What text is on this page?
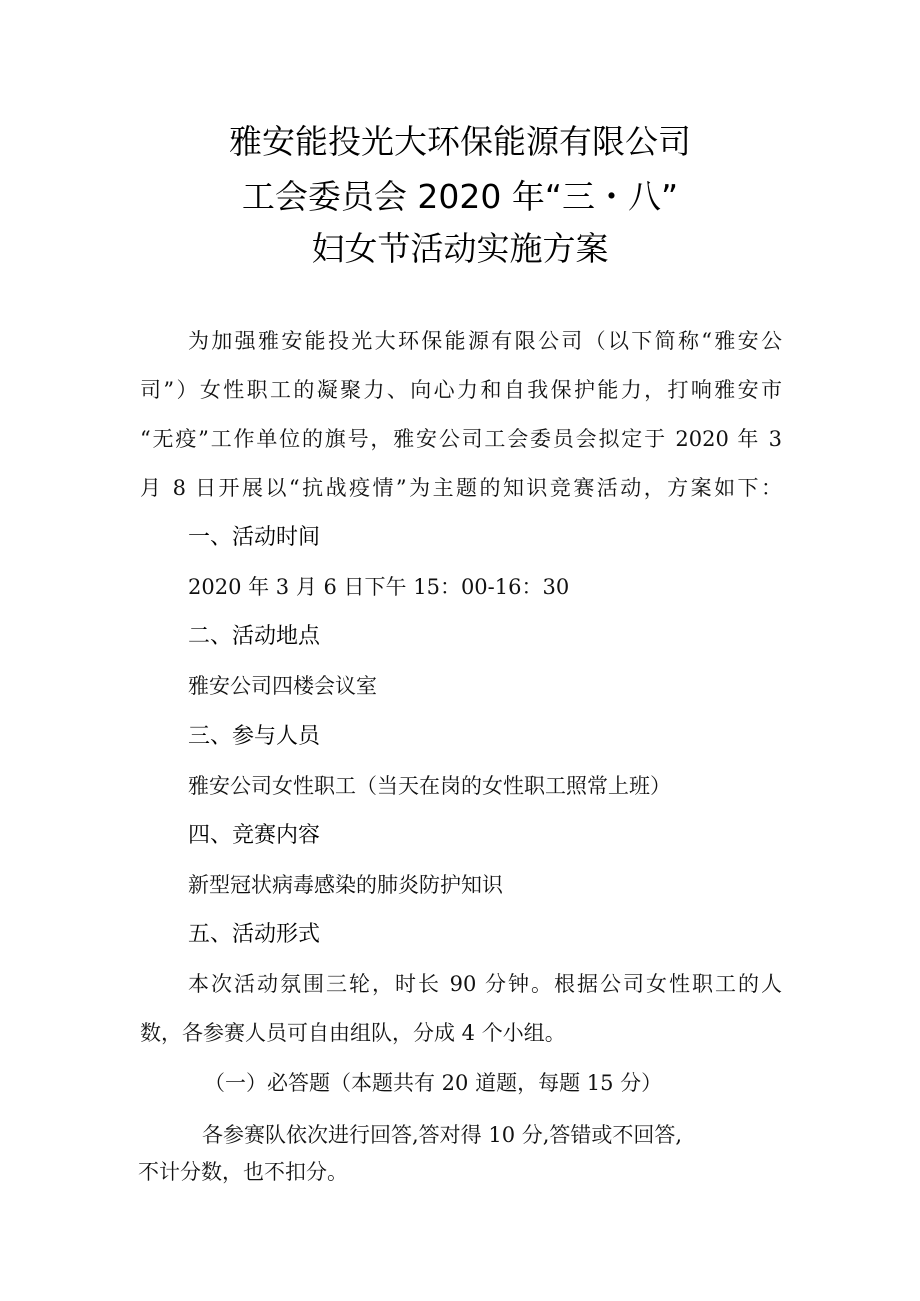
雅安能投光大环保能源有限公司
工会委员会 2020 年“三・八”
妇女节活动实施方案
为加强雅安能投光大环保能源有限公司（以下简称“雅安公
司”）女性职工的凝聚力、向心力和自我保护能力，打响雅安市
“无疫”工作单位的旗号，雅安公司工会委员会拟定于 2020 年 3
月 8 日开展以“抗战疫情”为主题的知识竞赛活动，方案如下：
一、活动时间
2020 年 3 月 6 日下午 15：00-16：30
二、活动地点
雅安公司四楼会议室
三、参与人员
雅安公司女性职工（当天在岗的女性职工照常上班）
四、竞赛内容
新型冠状病毒感染的肺炎防护知识
五、活动形式
本次活动氛围三轮，时长 90 分钟。根据公司女性职工的人
数，各参赛人员可自由组队，分成 4 个小组。
（一）必答题（本题共有 20 道题，每题 15 分）
各参赛队依次进行回答,答对得 10 分,答错或不回答,
不计分数，也不扣分。
